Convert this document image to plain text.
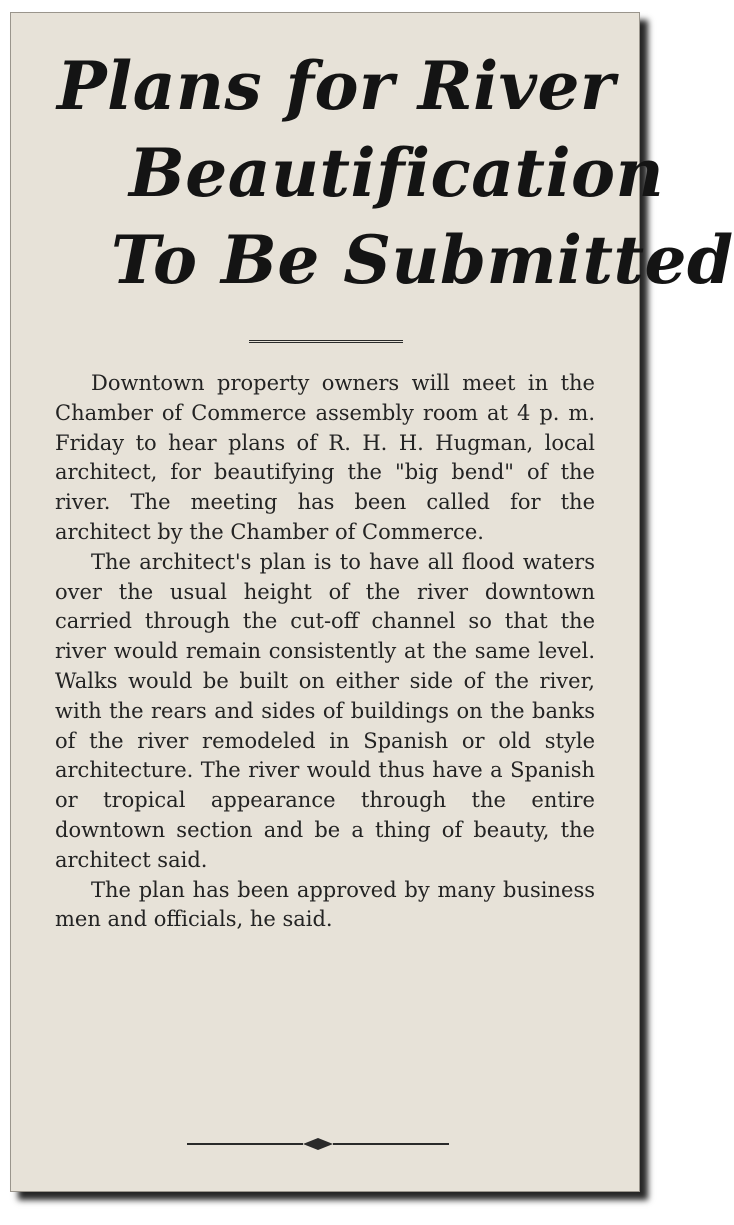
Plans for River
Beautification
To Be Submitted

Downtown property owners will meet in the Chamber of Commerce assembly room at 4 p. m. Friday to hear plans of R. H. H. Hugman, local architect, for beautifying the "big bend" of the river. The meeting has been called for the architect by the Chamber of Commerce.

The architect's plan is to have all flood waters over the usual height of the river downtown carried through the cut-off channel so that the river would remain consistently at the same level. Walks would be built on either side of the river, with the rears and sides of buildings on the banks of the river remodeled in Spanish or old style architecture. The river would thus have a Spanish or tropical appearance through the entire downtown section and be a thing of beauty, the architect said.

The plan has been approved by many business men and officials, he said.
